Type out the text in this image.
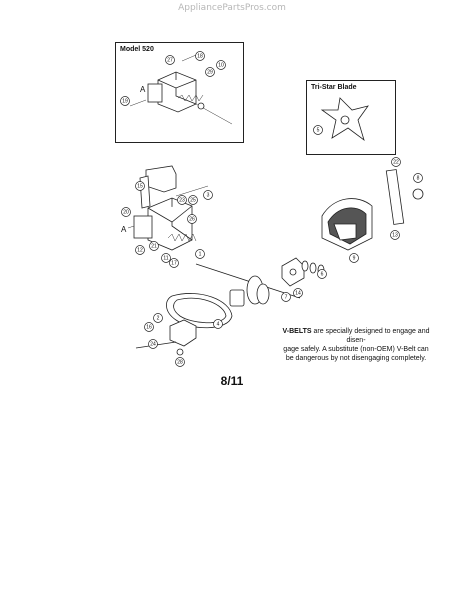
AppliancePartsPros.com
Model 520
Tri-Star Blade
A
A
27
29
10
19
18
15
23 25
26
8
22
12
21
3
20
11
17
1
14
7
6
9
13
2
16
24
4
28
5
V-BELTS are specially designed to engage and disen-
gage safely. A substitute (non-OEM) V-Belt can
be dangerous by not disengaging completely.
8/11
